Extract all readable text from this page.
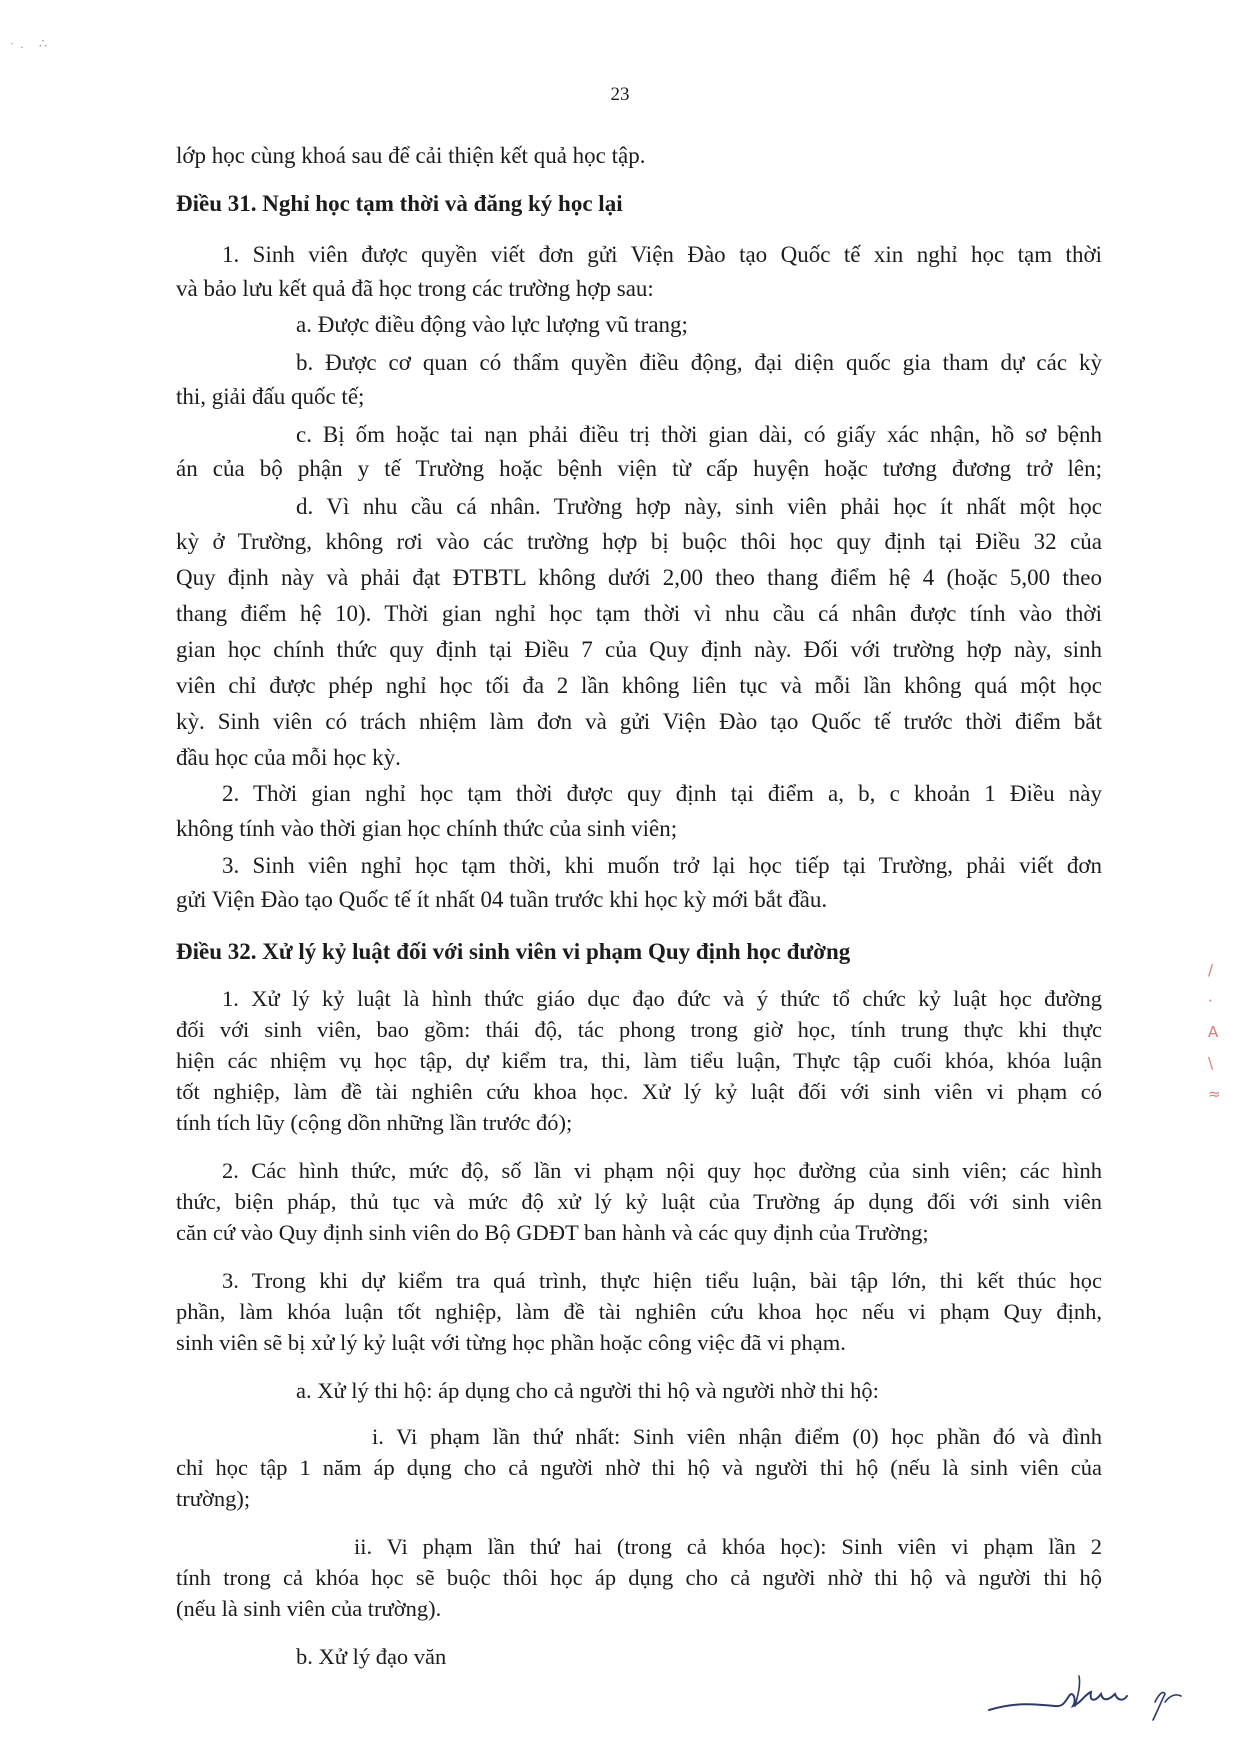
·. ∴
/
·
A
\
≈
23
lớp học cùng khoá sau để cải thiện kết quả học tập.
Điều 31. Nghỉ học tạm thời và đăng ký học lại
1. Sinh viên được quyền viết đơn gửi Viện Đào tạo Quốc tế xin nghỉ học tạm thời
và bảo lưu kết quả đã học trong các trường hợp sau:
a. Được điều động vào lực lượng vũ trang;
b. Được cơ quan có thẩm quyền điều động, đại diện quốc gia tham dự các kỳ
thi, giải đấu quốc tế;
c. Bị ốm hoặc tai nạn phải điều trị thời gian dài, có giấy xác nhận, hồ sơ bệnh
án của bộ phận y tế Trường hoặc bệnh viện từ cấp huyện hoặc tương đương trở lên;
d. Vì nhu cầu cá nhân. Trường hợp này, sinh viên phải học ít nhất một học
kỳ ở Trường, không rơi vào các trường hợp bị buộc thôi học quy định tại Điều 32 của
Quy định này và phải đạt ĐTBTL không dưới 2,00 theo thang điểm hệ 4 (hoặc 5,00 theo
thang điểm hệ 10). Thời gian nghỉ học tạm thời vì nhu cầu cá nhân được tính vào thời
gian học chính thức quy định tại Điều 7 của Quy định này. Đối với trường hợp này, sinh
viên chỉ được phép nghỉ học tối đa 2 lần không liên tục và mỗi lần không quá một học
kỳ. Sinh viên có trách nhiệm làm đơn và gửi Viện Đào tạo Quốc tế trước thời điểm bắt
đầu học của mỗi học kỳ.
2. Thời gian nghỉ học tạm thời được quy định tại điểm a, b, c khoản 1 Điều này
không tính vào thời gian học chính thức của sinh viên;
3. Sinh viên nghỉ học tạm thời, khi muốn trở lại học tiếp tại Trường, phải viết đơn
gửi Viện Đào tạo Quốc tế ít nhất 04 tuần trước khi học kỳ mới bắt đầu.
Điều 32. Xử lý kỷ luật đối với sinh viên vi phạm Quy định học đường
1. Xử lý kỷ luật là hình thức giáo dục đạo đức và ý thức tổ chức kỷ luật học đường
đối với sinh viên, bao gồm: thái độ, tác phong trong giờ học, tính trung thực khi thực
hiện các nhiệm vụ học tập, dự kiểm tra, thi, làm tiểu luận, Thực tập cuối khóa, khóa luận
tốt nghiệp, làm đề tài nghiên cứu khoa học. Xử lý kỷ luật đối với sinh viên vi phạm có
tính tích lũy (cộng dồn những lần trước đó);
2. Các hình thức, mức độ, số lần vi phạm nội quy học đường của sinh viên; các hình
thức, biện pháp, thủ tục và mức độ xử lý kỷ luật của Trường áp dụng đối với sinh viên
căn cứ vào Quy định sinh viên do Bộ GDĐT ban hành và các quy định của Trường;
3. Trong khi dự kiểm tra quá trình, thực hiện tiểu luận, bài tập lớn, thi kết thúc học
phần, làm khóa luận tốt nghiệp, làm đề tài nghiên cứu khoa học nếu vi phạm Quy định,
sinh viên sẽ bị xử lý kỷ luật với từng học phần hoặc công việc đã vi phạm.
a. Xử lý thi hộ: áp dụng cho cả người thi hộ và người nhờ thi hộ:
i. Vi phạm lần thứ nhất: Sinh viên nhận điểm (0) học phần đó và đình
chỉ học tập 1 năm áp dụng cho cả người nhờ thi hộ và người thi hộ (nếu là sinh viên của
trường);
ii. Vi phạm lần thứ hai (trong cả khóa học): Sinh viên vi phạm lần 2
tính trong cả khóa học sẽ buộc thôi học áp dụng cho cả người nhờ thi hộ và người thi hộ
(nếu là sinh viên của trường).
b. Xử lý đạo văn
